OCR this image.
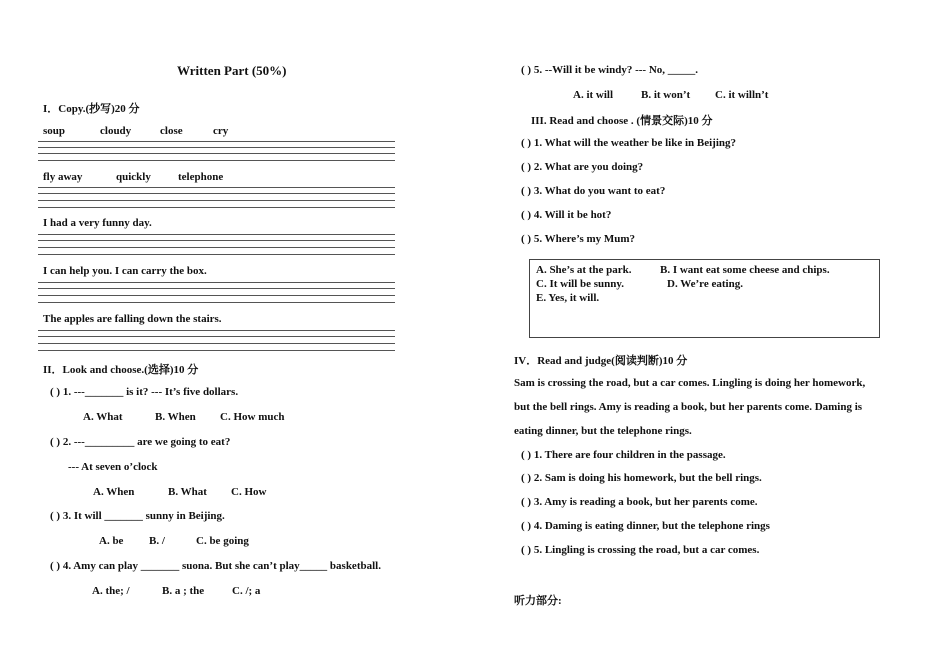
Written Part (50%)
I．Copy.(抄写)20 分
soup	cloudy	close	cry
fly away	quickly telephone
I had a very funny day.
I can help you. I can carry the box.
The apples are falling down the stairs.
II．Look and choose.(选择)10 分
( ) 1. ---_______ is it? --- It’s five dollars.
A. What	B. When C. How much
( ) 2. ---_________ are we going to eat?
--- At seven o’clock
A. When	B. What C. How
( ) 3. It will _______ sunny in Beijing.
A. be B. /	C. be going
( ) 4. Amy can play _______ suona. But she can’t play_____ basketball.
A. the; /	B. a ; the	C. /; a
( ) 5. --Will it be windy? --- No, _____.
A. it will	B. it won’t C. it willn’t
III. Read and choose . (情景交际)10 分
( ) 1. What will the weather be like in Beijing?
( ) 2. What are you doing?
( ) 3. What do you want to eat?
( ) 4. Will it be hot?
( ) 5. Where’s my Mum?
A. She’s at the park.	B. I want eat some cheese and chips.
C. It will be sunny.	D. We’re eating.
E. Yes, it will.
IV．Read and judge(阅读判断)10 分
Sam is crossing the road, but a car comes. Lingling is doing her homework,
but the bell rings. Amy is reading a book, but her parents come. Daming is
eating dinner, but the telephone rings.
( ) 1. There are four children in the passage.
( ) 2. Sam is doing his homework, but the bell rings.
( ) 3. Amy is reading a book, but her parents come.
( ) 4. Daming is eating dinner, but the telephone rings
( ) 5. Lingling is crossing the road, but a car comes.
听力部分:
